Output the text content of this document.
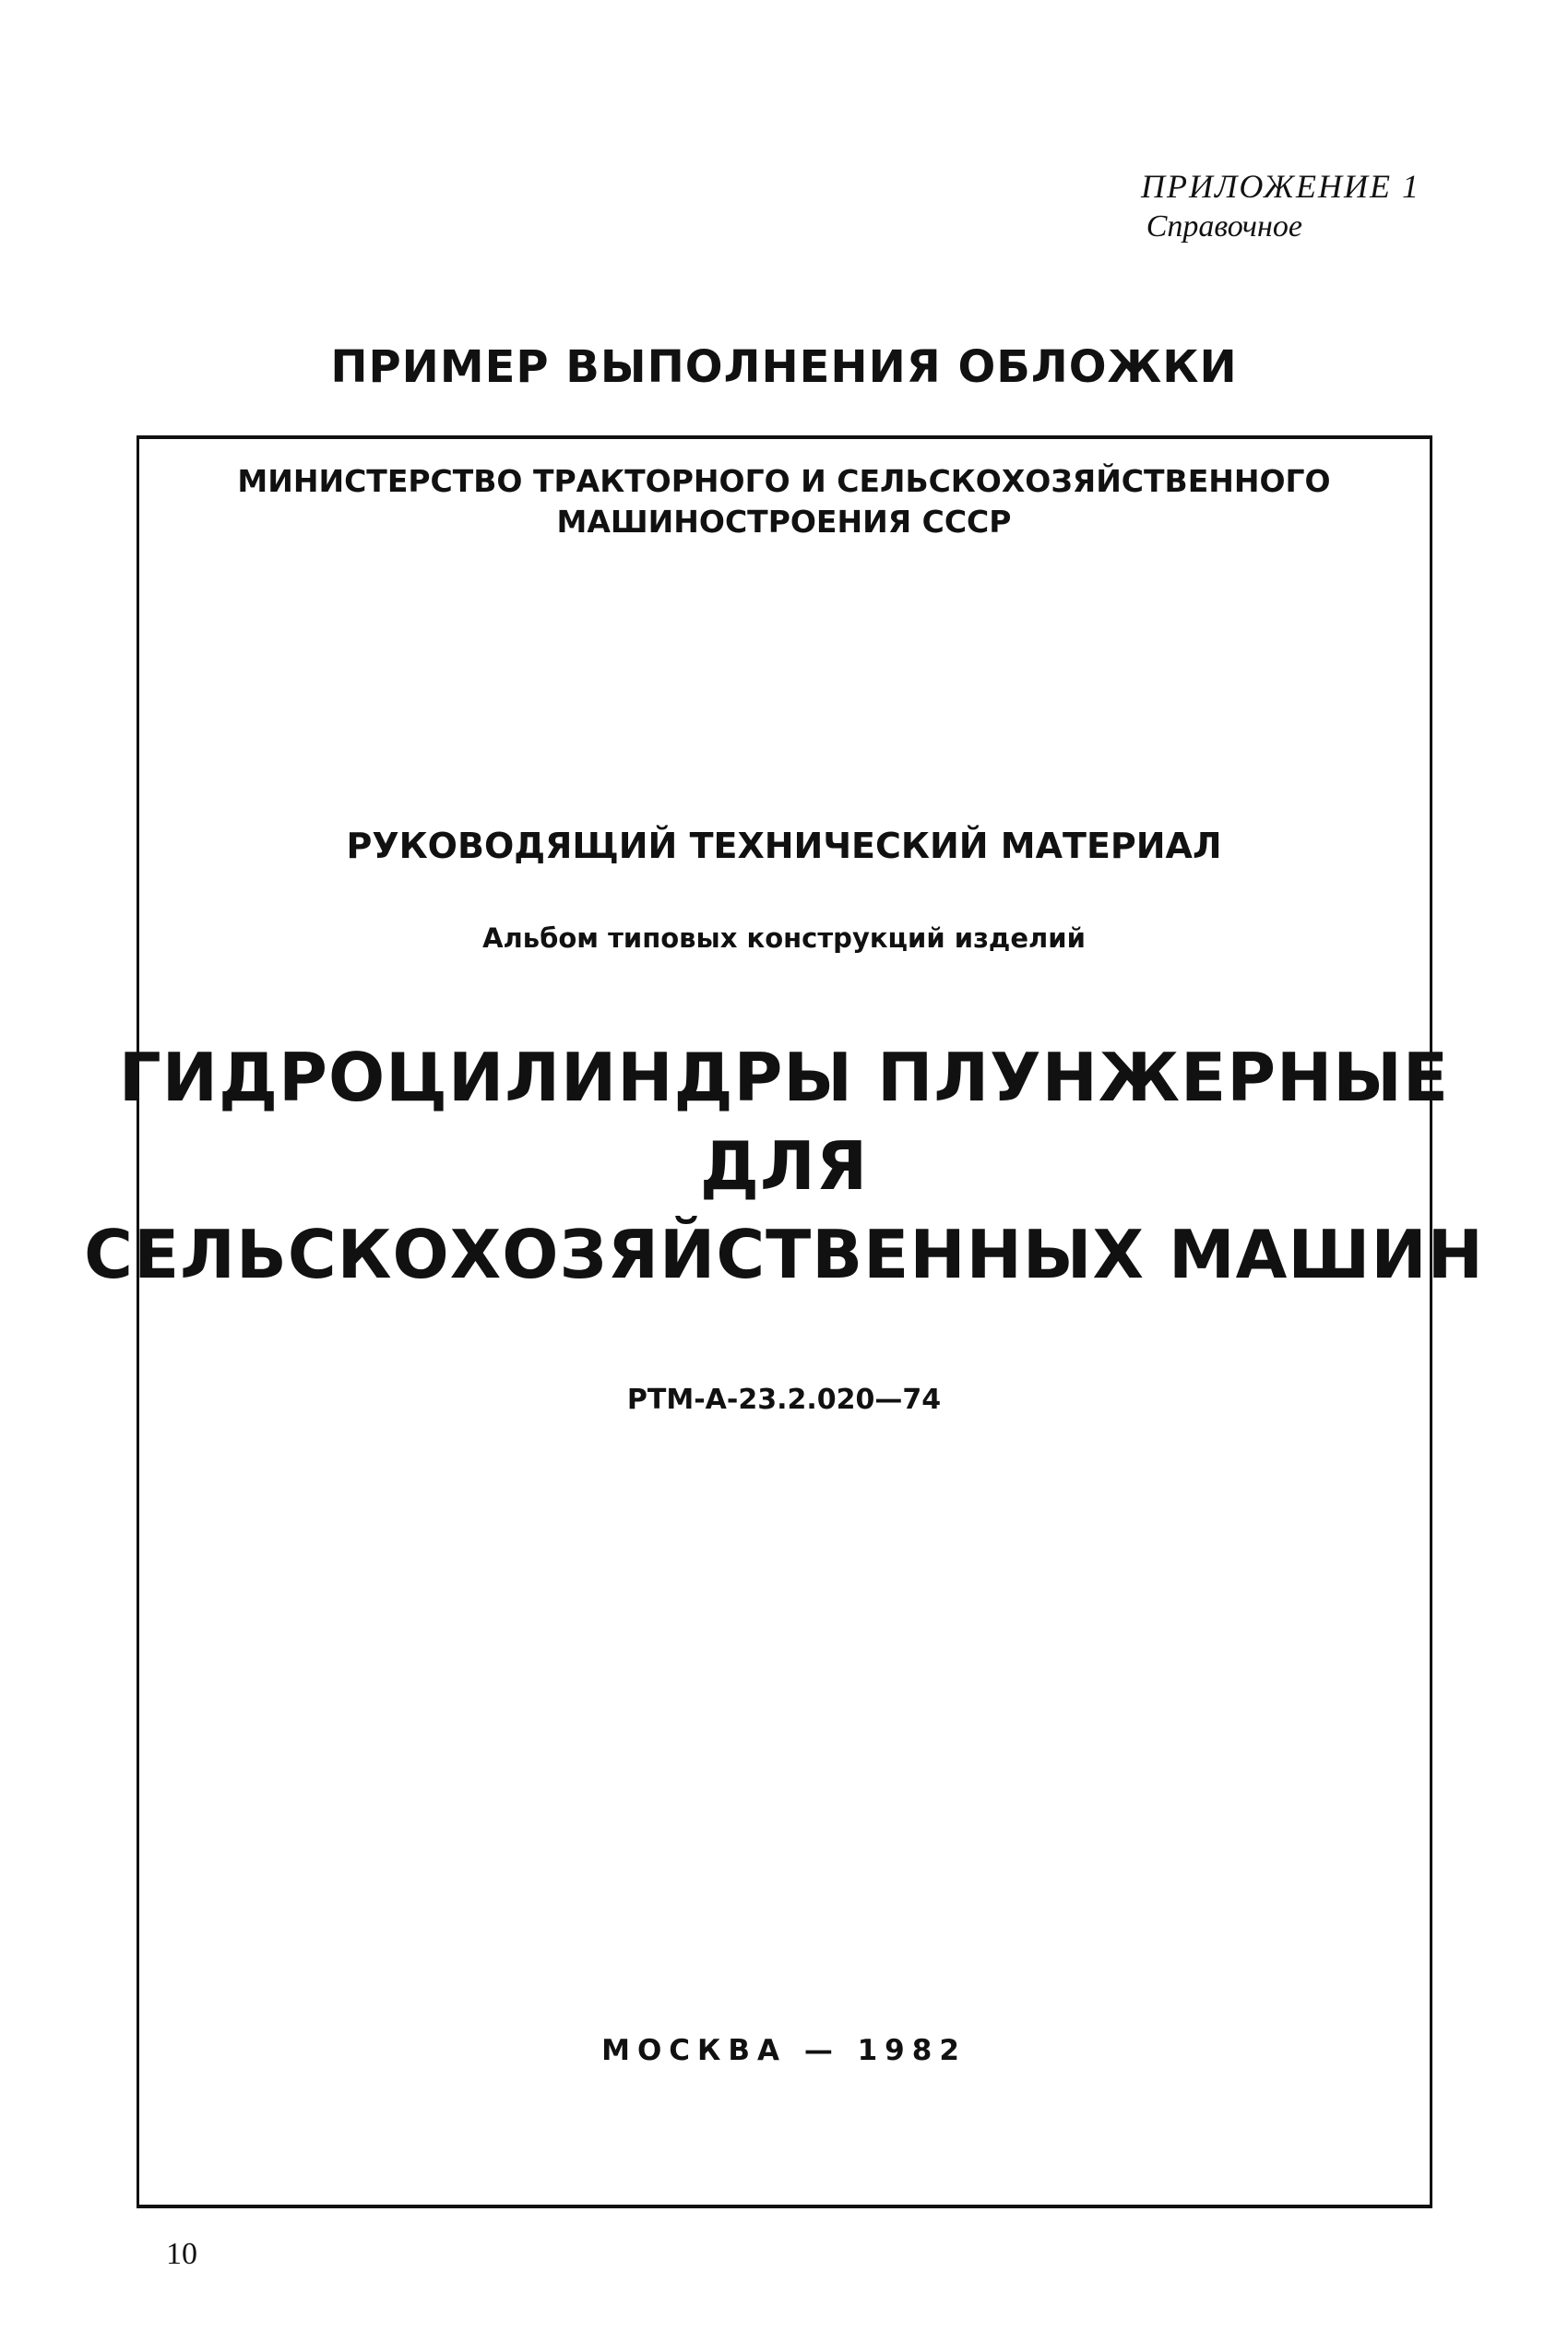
ПРИЛОЖЕНИЕ 1
Справочное
ПРИМЕР ВЫПОЛНЕНИЯ ОБЛОЖКИ
МИНИСТЕРСТВО ТРАКТОРНОГО И СЕЛЬСКОХОЗЯЙСТВЕННОГО
МАШИНОСТРОЕНИЯ СССР
РУКОВОДЯЩИЙ ТЕХНИЧЕСКИЙ МАТЕРИАЛ
Альбом типовых конструкций изделий
ГИДРОЦИЛИНДРЫ ПЛУНЖЕРНЫЕ
ДЛЯ
СЕЛЬСКОХОЗЯЙСТВЕННЫХ МАШИН
РТМ-А-23.2.020—74
МОСКВА — 1982
10
